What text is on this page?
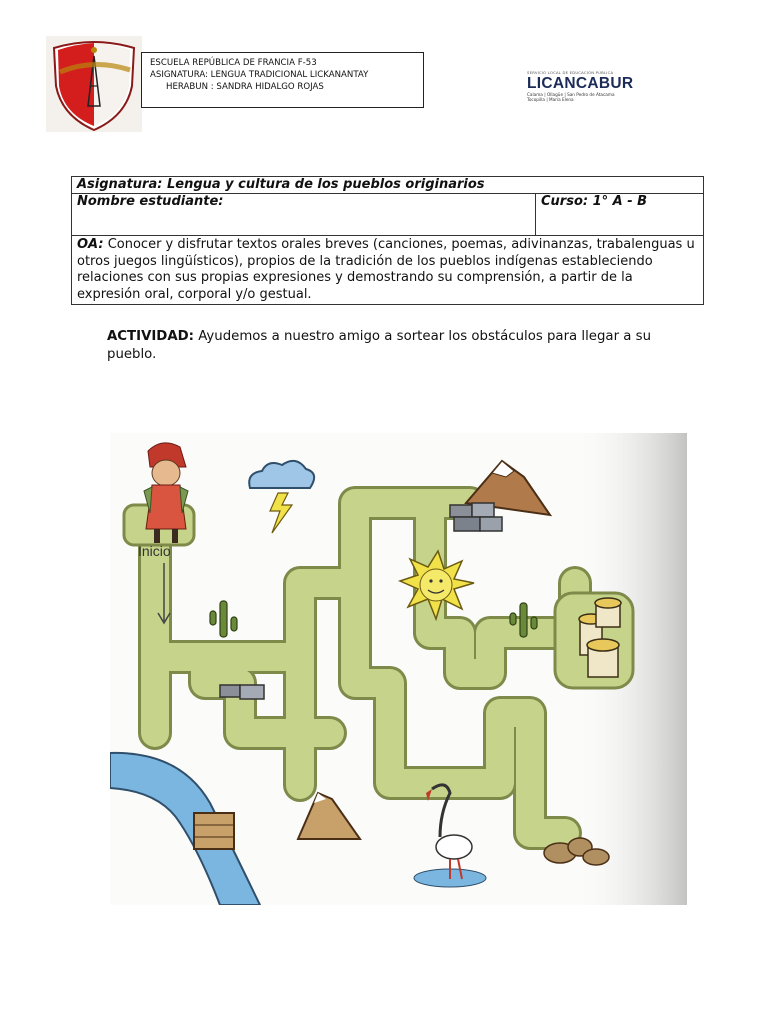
ESCUELA REPÚBLICA DE FRANCIA F-53
ASIGNATURA: LENGUA TRADICIONAL LICKANANTAY
HERABUN : SANDRA HIDALGO ROJAS
SERVICIO LOCAL DE EDUCACIÓN PÚBLICA
LICANCABUR
Calama | Ollagüe | San Pedro de Atacama
Tocopilla | María Elena
Asignatura: Lengua y cultura de los pueblos originarios
Nombre estudiante:	Curso: 1° A - B
OA: Conocer y disfrutar textos orales breves (canciones, poemas, adivinanzas, trabalenguas u otros juegos lingüísticos), propios de la tradición de los pueblos indígenas estableciendo relaciones con sus propias expresiones y demostrando su comprensión, a partir de la expresión oral, corporal y/o gestual.
ACTIVIDAD: Ayudemos a nuestro amigo a sortear los obstáculos para llegar a su pueblo.
Inicio
